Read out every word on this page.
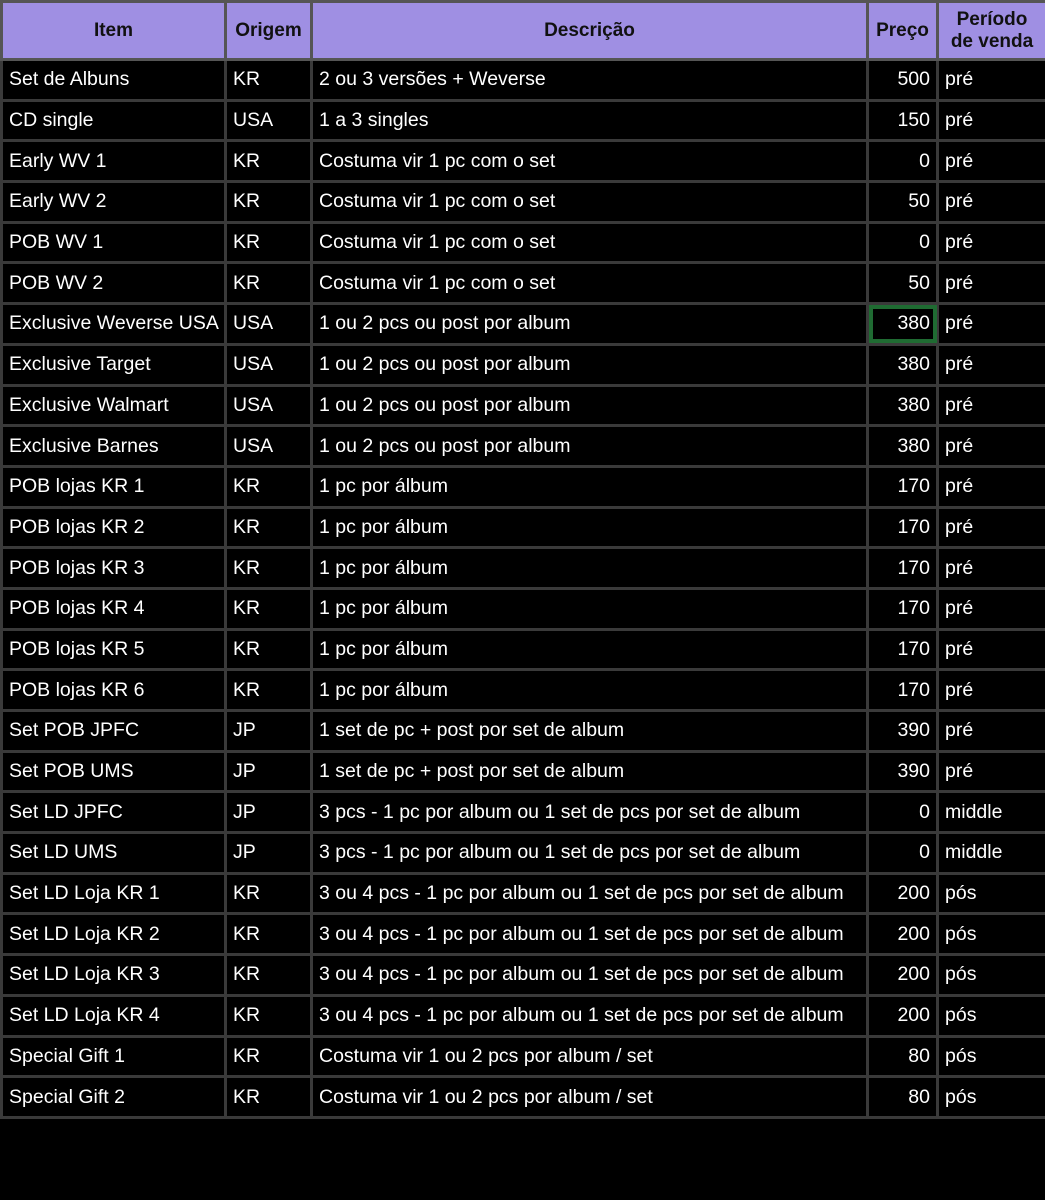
Item	Origem	Descrição	Preço	Período
de venda

Set de Albuns	KR	2 ou 3 versões + Weverse	500	pré
CD single	USA	1 a 3 singles	150	pré
Early WV 1	KR	Costuma vir 1 pc com o set	0	pré
Early WV 2	KR	Costuma vir 1 pc com o set	50	pré
POB WV 1	KR	Costuma vir 1 pc com o set	0	pré
POB WV 2	KR	Costuma vir 1 pc com o set	50	pré
Exclusive Weverse USA	USA	1 ou 2 pcs ou post por album	380	pré
Exclusive Target	USA	1 ou 2 pcs ou post por album	380	pré
Exclusive Walmart	USA	1 ou 2 pcs ou post por album	380	pré
Exclusive Barnes	USA	1 ou 2 pcs ou post por album	380	pré
POB lojas KR 1	KR	1 pc por álbum	170	pré
POB lojas KR 2	KR	1 pc por álbum	170	pré
POB lojas KR 3	KR	1 pc por álbum	170	pré
POB lojas KR 4	KR	1 pc por álbum	170	pré
POB lojas KR 5	KR	1 pc por álbum	170	pré
POB lojas KR 6	KR	1 pc por álbum	170	pré
Set POB JPFC	JP	1 set de pc + post por set de album	390	pré
Set POB UMS	JP	1 set de pc + post por set de album	390	pré
Set LD JPFC	JP	3 pcs - 1 pc por album ou 1 set de pcs por set de album	0	middle
Set LD UMS	JP	3 pcs - 1 pc por album ou 1 set de pcs por set de album	0	middle
Set LD Loja KR 1	KR	3 ou 4 pcs - 1 pc por album ou 1 set de pcs por set de album	200	pós
Set LD Loja KR 2	KR	3 ou 4 pcs - 1 pc por album ou 1 set de pcs por set de album	200	pós
Set LD Loja KR 3	KR	3 ou 4 pcs - 1 pc por album ou 1 set de pcs por set de album	200	pós
Set LD Loja KR 4	KR	3 ou 4 pcs - 1 pc por album ou 1 set de pcs por set de album	200	pós
Special Gift 1	KR	Costuma vir 1 ou 2 pcs por album / set	80	pós
Special Gift 2	KR	Costuma vir 1 ou 2 pcs por album / set	80	pós
